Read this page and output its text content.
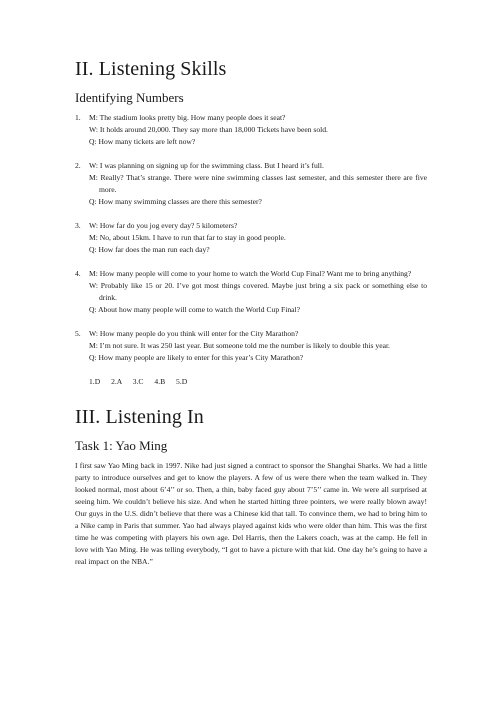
II. Listening Skills
Identifying Numbers
1.	M: The stadium looks pretty big. How many people does it seat?
W: It holds around 20,000. They say more than 18,000 Tickets have been sold.
Q: How many tickets are left now?
2.	W: I was planning on signing up for the swimming class. But I heard it’s full.
M: Really? That’s strange. There were nine swimming classes last semester, and this semester there are five more.
Q: How many swimming classes are there this semester?
3.	W: How far do you jog every day? 5 kilometers?
M: No, about 15km. I have to run that far to stay in good people.
Q: How far does the man run each day?
4.	M: How many people will come to your home to watch the World Cup Final? Want me to bring anything?
W: Probably like 15 or 20. I’ve got most things covered. Maybe just bring a six pack or something else to drink.
Q: About how many people will come to watch the World Cup Final?
5.	W: How many people do you think will enter for the City Marathon?
M: I’m not sure. It was 250 last year. But someone told me the number is likely to double this year.
Q: How many people are likely to enter for this year’s City Marathon?
1.D 2.A 3.C 4.B 5.D
III. Listening In
Task 1: Yao Ming

I first saw Yao Ming back in 1997. Nike had just signed a contract to sponsor the Shanghai Sharks. We had a little party to introduce ourselves and get to know the players. A few of us were there when the team walked in. They looked normal, most about 6’4’’ or so. Then, a thin, baby faced guy about 7’5’’ came in. We were all surprised at seeing him. We couldn’t believe his size. And when he started hitting three pointers, we were really blown away! Our guys in the U.S. didn’t believe that there was a Chinese kid that tall. To convince them, we had to bring him to a Nike camp in Paris that summer. Yao had always played against kids who were older than him. This was the first time he was competing with players his own age. Del Harris, then the Lakers coach, was at the camp. He fell in love with Yao Ming. He was telling everybody, “I got to have a picture with that kid. One day he’s going to have a real impact on the NBA.”
